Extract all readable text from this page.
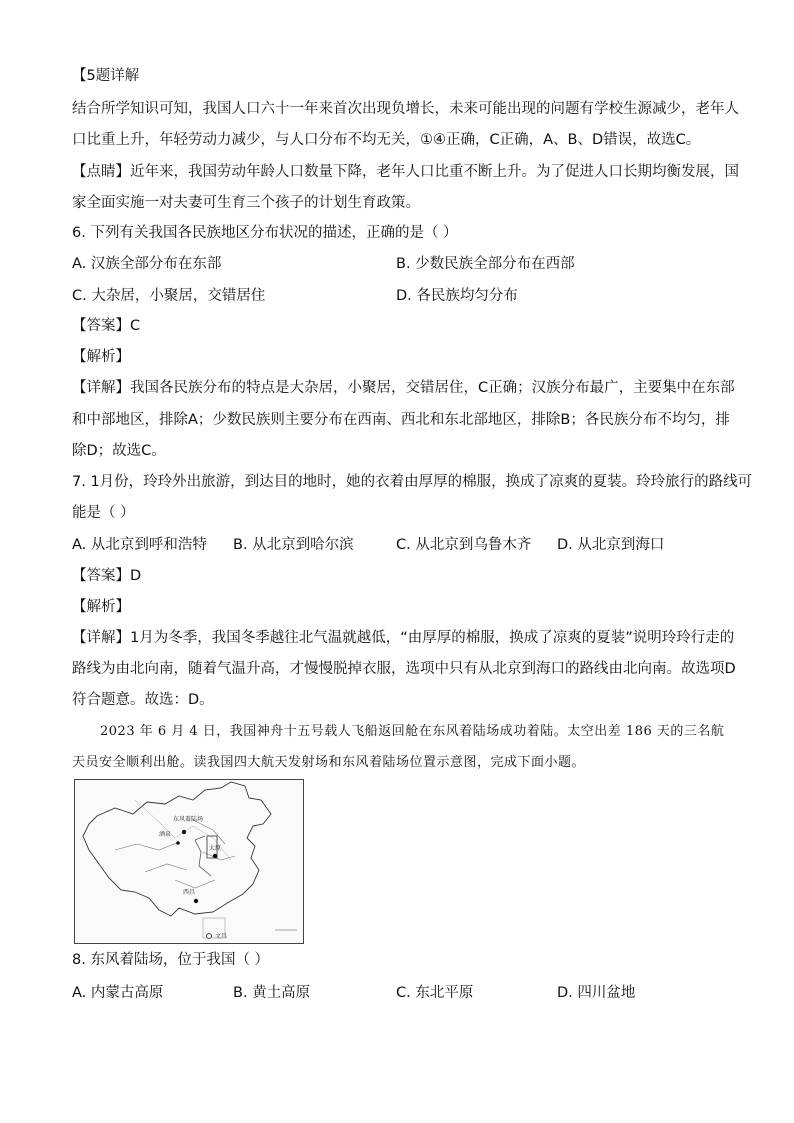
【5题详解
结合所学知识可知，我国人口六十一年来首次出现负增长，未来可能出现的问题有学校生源减少，老年人
口比重上升，年轻劳动力减少，与人口分布不均无关，①④正确，C正确，A、B、D错误，故选C。
【点睛】近年来，我国劳动年龄人口数量下降，老年人口比重不断上升。为了促进人口长期均衡发展，国
家全面实施一对夫妻可生育三个孩子的计划生育政策。
6. 下列有关我国各民族地区分布状况的描述，正确的是（ ）
A. 汉族全部分布在东部	B. 少数民族全部分布在西部
C. 大杂居，小聚居，交错居住	D. 各民族均匀分布
【答案】C
【解析】
【详解】我国各民族分布的特点是大杂居，小聚居，交错居住，C正确；汉族分布最广，主要集中在东部
和中部地区，排除A；少数民族则主要分布在西南、西北和东北部地区，排除B；各民族分布不均匀，排
除D；故选C。
7. 1月份，玲玲外出旅游，到达目的地时，她的衣着由厚厚的棉服，换成了凉爽的夏装。玲玲旅行的路线可
能是（ ）
A. 从北京到呼和浩特 B. 从北京到哈尔滨	C. 从北京到乌鲁木齐 D. 从北京到海口
【答案】D
【解析】
【详解】1月为冬季，我国冬季越往北气温就越低，“由厚厚的棉服，换成了凉爽的夏装”说明玲玲行走的
路线为由北向南，随着气温升高，才慢慢脱掉衣服，选项中只有从北京到海口的路线由北向南。故选项D
符合题意。故选：D。
2023 年 6 月 4 日，我国神舟十五号载人飞船返回舱在东风着陆场成功着陆。太空出差 186 天的三名航
天员安全顺利出舱。读我国四大航天发射场和东风着陆场位置示意图，完成下面小题。
东风着陆场
酒泉
太原
西昌
文昌
8. 东风着陆场，位于我国（ ）
A. 内蒙古高原	B. 黄土高原	C. 东北平原	D. 四川盆地
